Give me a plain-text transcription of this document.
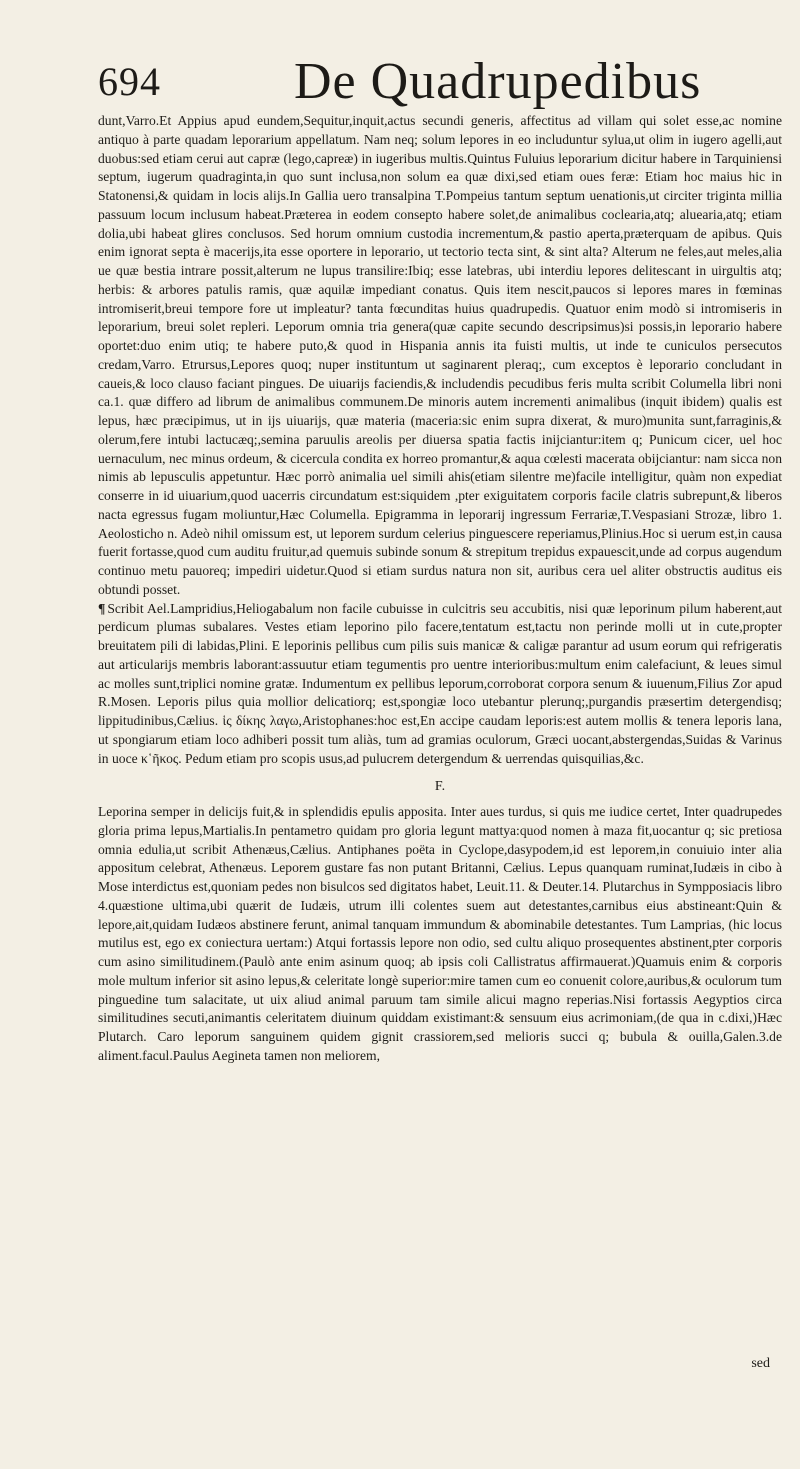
694	De Quadrupedibus

dunt,Varro.Et Appius apud eundem,Sequitur,inquit,actus secundi generis, affectitus ad villam qui solet esse,ac nomine antiquo à parte quadam leporarium appellatum. Nam neq; solum lepores in eo includuntur sylua,ut olim in iugero agelli,aut duobus:sed etiam cerui aut capræ (lego,capreæ) in iugeribus multis.Quintus Fuluius leporarium dicitur habere in Tarquiniensi septum, iugerum quadraginta,in quo sunt inclusa,non solum ea quæ dixi,sed etiam oues feræ: Etiam hoc maius hic in Statonensi,& quidam in locis alijs.In Gallia uero transalpina T.Pompeius tantum septum uenationis,ut circiter triginta millia passuum locum inclusum habeat.Præterea in eodem consepto habere solet,de animalibus coclearia,atq; aluearia,atq; etiam dolia,ubi habeat glires conclusos. Sed horum omnium custodia incrementum,& pastio aperta,præterquam de apibus. Quis enim ignorat septa è macerijs,ita esse oportere in leporario, ut tectorio tecta sint, & sint alta? Alterum ne feles,aut meles,alia ue quæ bestia intrare possit,alterum ne lupus transilire:Ibiq; esse latebras, ubi interdiu lepores delitescant in uirgultis atq; herbis: & arbores patulis ramis, quæ aquilæ impediant conatus. Quis item nescit,paucos si lepores mares in fœminas intromiserit,breui tempore fore ut impleatur? tanta fœcunditas huius quadrupedis. Quatuor enim modò si intromiseris in leporarium, breui solet repleri. Leporum omnia tria genera(quæ capite secundo descripsimus)si possis,in leporario habere oportet:duo enim utiq; te habere puto,& quod in Hispania annis ita fuisti multis, ut inde te cuniculos persecutos credam,Varro. Etrursus,Lepores quoq; nuper instituntum ut saginarent pleraq;, cum exceptos è leporario concludant in caueis,& loco clauso faciant pingues. De uiuarijs faciendis,& includendis pecudibus feris multa scribit Columella libri noni ca.1. quæ differo ad librum de animalibus communem.De minoris autem incrementi animalibus (inquit ibidem) qualis est lepus, hæc præcipimus, ut in ijs uiuarijs, quæ materia (maceria:sic enim supra dixerat, & muro)munita sunt,farraginis,& olerum,fere intubi lactucæq;,semina paruulis areolis per diuersa spatia factis inijciantur:item q; Punicum cicer, uel hoc uernaculum, nec minus ordeum, & cicercula condita ex horreo promantur,& aqua cœlesti macerata obijciantur: nam sicca non nimis ab lepusculis appetuntur. Hæc porrò animalia uel simili ahis(etiam silentre me)facile intelligitur, quàm non expediat conserre in id uiuarium,quod uacerris circundatum est:siquidem ,pter exiguitatem corporis facile clatris subrepunt,& liberos nacta egressus fugam moliuntur,Hæc Columella. Epigramma in leporarij ingressum Ferrariæ,T.Vespasiani Strozæ, libro 1. Aeolosticho n. Adeò nihil omissum est, ut leporem surdum celerius pinguescere reperiamus,Plinius.Hoc si uerum est,in causa fuerit fortasse,quod cum auditu fruitur,ad quemuis subinde sonum & strepitum trepidus expauescit,unde ad corpus augendum continuo metu pauoreq; impediri uidetur.Quod si etiam surdus natura non sit, auribus cera uel aliter obstructis auditus eis obtundi posset.

¶ Scribit Ael.Lampridius,Heliogabalum non facile cubuisse in culcitris seu accubitis, nisi quæ leporinum pilum haberent,aut perdicum plumas subalares. Vestes etiam leporino pilo facere,tentatum est,tactu non perinde molli ut in cute,propter breuitatem pili di labidas,Plini. E leporinis pellibus cum pilis suis manicæ & caligæ parantur ad usum eorum qui refrigeratis aut articularijs membris laborant:assuutur etiam tegumentis pro uentre interioribus:multum enim calefaciunt, & leues simul ac molles sunt,triplici nomine gratæ. Indumentum ex pellibus leporum,corroborat corpora senum & iuuenum,Filius Zor apud R.Mosen. Leporis pilus quia mollior delicatiorq; est,spongiæ loco utebantur plerunq;,purgandis præsertim detergendisq; lippitudinibus,Cælius. ἱς δίκης λαγω,Aristophanes:hoc est,En accipe caudam leporis:est autem mollis & tenera leporis lana, ut spongiarum etiam loco adhiberi possit tum aliàs, tum ad gramias oculorum, Græci uocant,abstergendas,Suidas & Varinus in uoce κ῾ῆκος. Pedum etiam pro scopis usus,ad pulucrem detergendum & uerrendas quisquilias,&c.

F.

Leporina semper in delicijs fuit,& in splendidis epulis apposita. Inter aues turdus, si quis me iudice certet, Inter quadrupedes gloria prima lepus,Martialis.In pentametro quidam pro gloria legunt mattya:quod nomen à maza fit,uocantur q; sic pretiosa omnia edulia,ut scribit Athenæus,Cælius. Antiphanes poëta in Cyclope,dasypodem,id est leporem,in conuiuio inter alia appositum celebrat, Athenæus. Leporem gustare fas non putant Britanni, Cælius. Lepus quanquam ruminat,Iudæis in cibo à Mose interdictus est,quoniam pedes non bisulcos sed digitatos habet, Leuit.11. & Deuter.14. Plutarchus in Sympposiacis libro 4.quæstione ultima,ubi quærit de Iudæis, utrum illi colentes suem aut detestantes,carnibus eius abstineant:Quin & lepore,ait,quidam Iudæos abstinere ferunt, animal tanquam immundum & abominabile detestantes. Tum Lamprias, (hic locus mutilus est, ego ex coniectura uertam:) Atqui fortassis lepore non odio, sed cultu aliquo prosequentes abstinent,pter corporis cum asino similitudinem.(Paulò ante enim asinum quoq; ab ipsis coli Callistratus affirmauerat.)Quamuis enim & corporis mole multum inferior sit asino lepus,& celeritate longè superior:mire tamen cum eo conuenit colore,auribus,& oculorum tum pinguedine tum salacitate, ut uix aliud animal paruum tam simile alicui magno reperias.Nisi fortassis Aegyptios circa similitudines secuti,animantis celeritatem diuinum quiddam existimant:& sensuum eius acrimoniam,(de qua in c.dixi,)Hæc Plutarch. Caro leporum sanguinem quidem gignit crassiorem,sed melioris succi q; bubula & ouilla,Galen.3.de aliment.facul.Paulus Aegineta tamen non meliorem,

sed
